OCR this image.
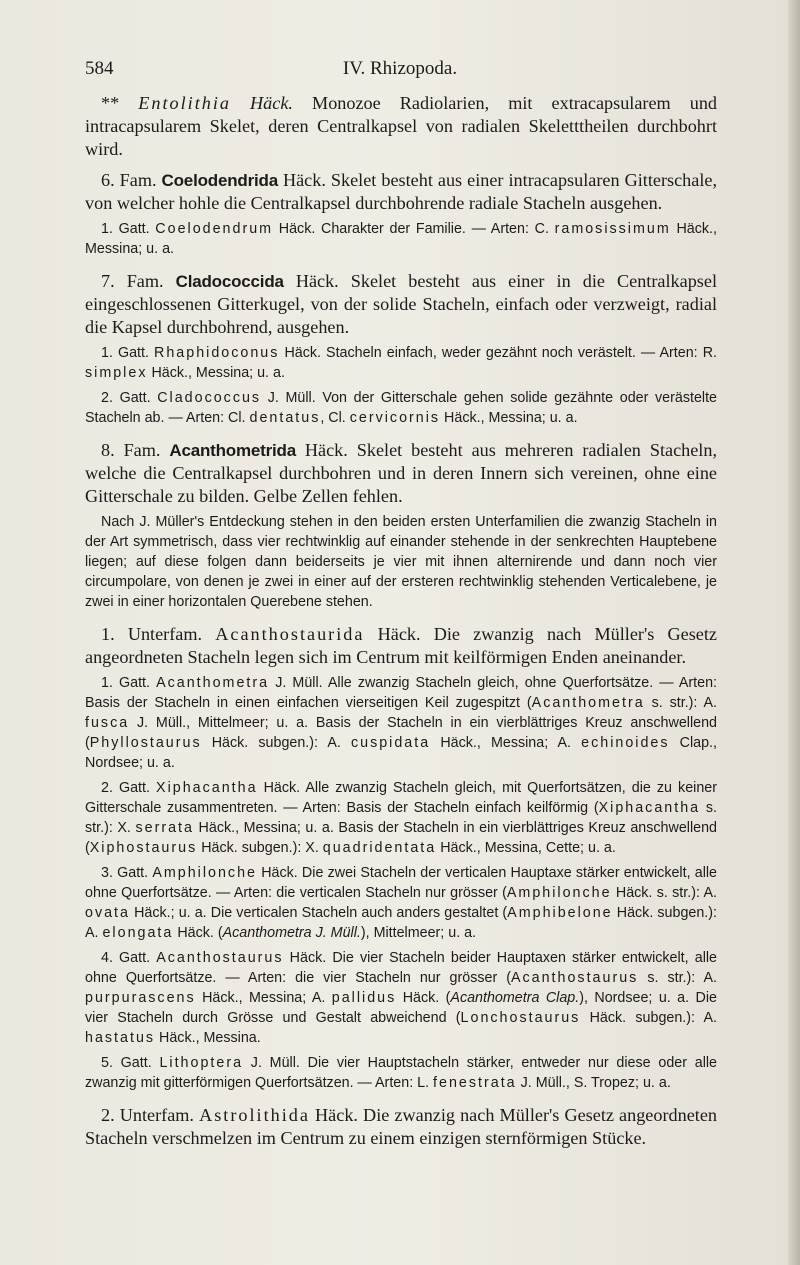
584	IV. Rhizopoda.

** Entolithia Häck. Monozoe Radiolarien, mit extracapsularem und intracapsularem Skelet, deren Centralkapsel von radialen Skeletttheilen durchbohrt wird.

6. Fam. Coelodendrida Häck. Skelet besteht aus einer intracapsularen Gitterschale, von welcher hohle die Centralkapsel durchbohrende radiale Stacheln ausgehen.

1. Gatt. Coelodendrum Häck. Charakter der Familie. — Arten: C. ramosissimum Häck., Messina; u. a.

7. Fam. Cladococcida Häck. Skelet besteht aus einer in die Centralkapsel eingeschlossenen Gitterkugel, von der solide Stacheln, einfach oder verzweigt, radial die Kapsel durchbohrend, ausgehen.

1. Gatt. Rhaphidoconus Häck. Stacheln einfach, weder gezähnt noch verästelt. — Arten: R. simplex Häck., Messina; u. a.

2. Gatt. Cladococcus J. Müll. Von der Gitterschale gehen solide gezähnte oder verästelte Stacheln ab. — Arten: Cl. dentatus, Cl. cervicornis Häck., Messina; u. a.

8. Fam. Acanthometrida Häck. Skelet besteht aus mehreren radialen Stacheln, welche die Centralkapsel durchbohren und in deren Innern sich vereinen, ohne eine Gitterschale zu bilden. Gelbe Zellen fehlen.

Nach J. Müller's Entdeckung stehen in den beiden ersten Unterfamilien die zwanzig Stacheln in der Art symmetrisch, dass vier rechtwinklig auf einander stehende in der senkrechten Hauptebene liegen; auf diese folgen dann beiderseits je vier mit ihnen alternirende und dann noch vier circumpolare, von denen je zwei in einer auf der ersteren rechtwinklig stehenden Verticalebene, je zwei in einer horizontalen Querebene stehen.

1. Unterfam. Acanthostaurida Häck. Die zwanzig nach Müller's Gesetz angeordneten Stacheln legen sich im Centrum mit keilförmigen Enden aneinander.

1. Gatt. Acanthometra J. Müll. Alle zwanzig Stacheln gleich, ohne Querfortsätze. — Arten: Basis der Stacheln in einen einfachen vierseitigen Keil zugespitzt (Acanthometra s. str.): A. fusca J. Müll., Mittelmeer; u. a. Basis der Stacheln in ein vierblättriges Kreuz anschwellend (Phyllostaurus Häck. subgen.): A. cuspidata Häck., Messina; A. echinoides Clap., Nordsee; u. a.

2. Gatt. Xiphacantha Häck. Alle zwanzig Stacheln gleich, mit Querfortsätzen, die zu keiner Gitterschale zusammentreten. — Arten: Basis der Stacheln einfach keilförmig (Xiphacantha s. str.): X. serrata Häck., Messina; u. a. Basis der Stacheln in ein vierblättriges Kreuz anschwellend (Xiphostaurus Häck. subgen.): X. quadridentata Häck., Messina, Cette; u. a.

3. Gatt. Amphilonche Häck. Die zwei Stacheln der verticalen Hauptaxe stärker entwickelt, alle ohne Querfortsätze. — Arten: die verticalen Stacheln nur grösser (Amphilonche Häck. s. str.): A. ovata Häck.; u. a. Die verticalen Stacheln auch anders gestaltet (Amphibelone Häck. subgen.): A. elongata Häck. (Acanthometra J. Müll.), Mittelmeer; u. a.

4. Gatt. Acanthostaurus Häck. Die vier Stacheln beider Hauptaxen stärker entwickelt, alle ohne Querfortsätze. — Arten: die vier Stacheln nur grösser (Acanthostaurus s. str.): A. purpurascens Häck., Messina; A. pallidus Häck. (Acanthometra Clap.), Nordsee; u. a. Die vier Stacheln durch Grösse und Gestalt abweichend (Lonchostaurus Häck. subgen.): A. hastatus Häck., Messina.

5. Gatt. Lithoptera J. Müll. Die vier Hauptstacheln stärker, entweder nur diese oder alle zwanzig mit gitterförmigen Querfortsätzen. — Arten: L. fenestrata J. Müll., S. Tropez; u. a.

2. Unterfam. Astrolithida Häck. Die zwanzig nach Müller's Gesetz angeordneten Stacheln verschmelzen im Centrum zu einem einzigen sternförmigen Stücke.
